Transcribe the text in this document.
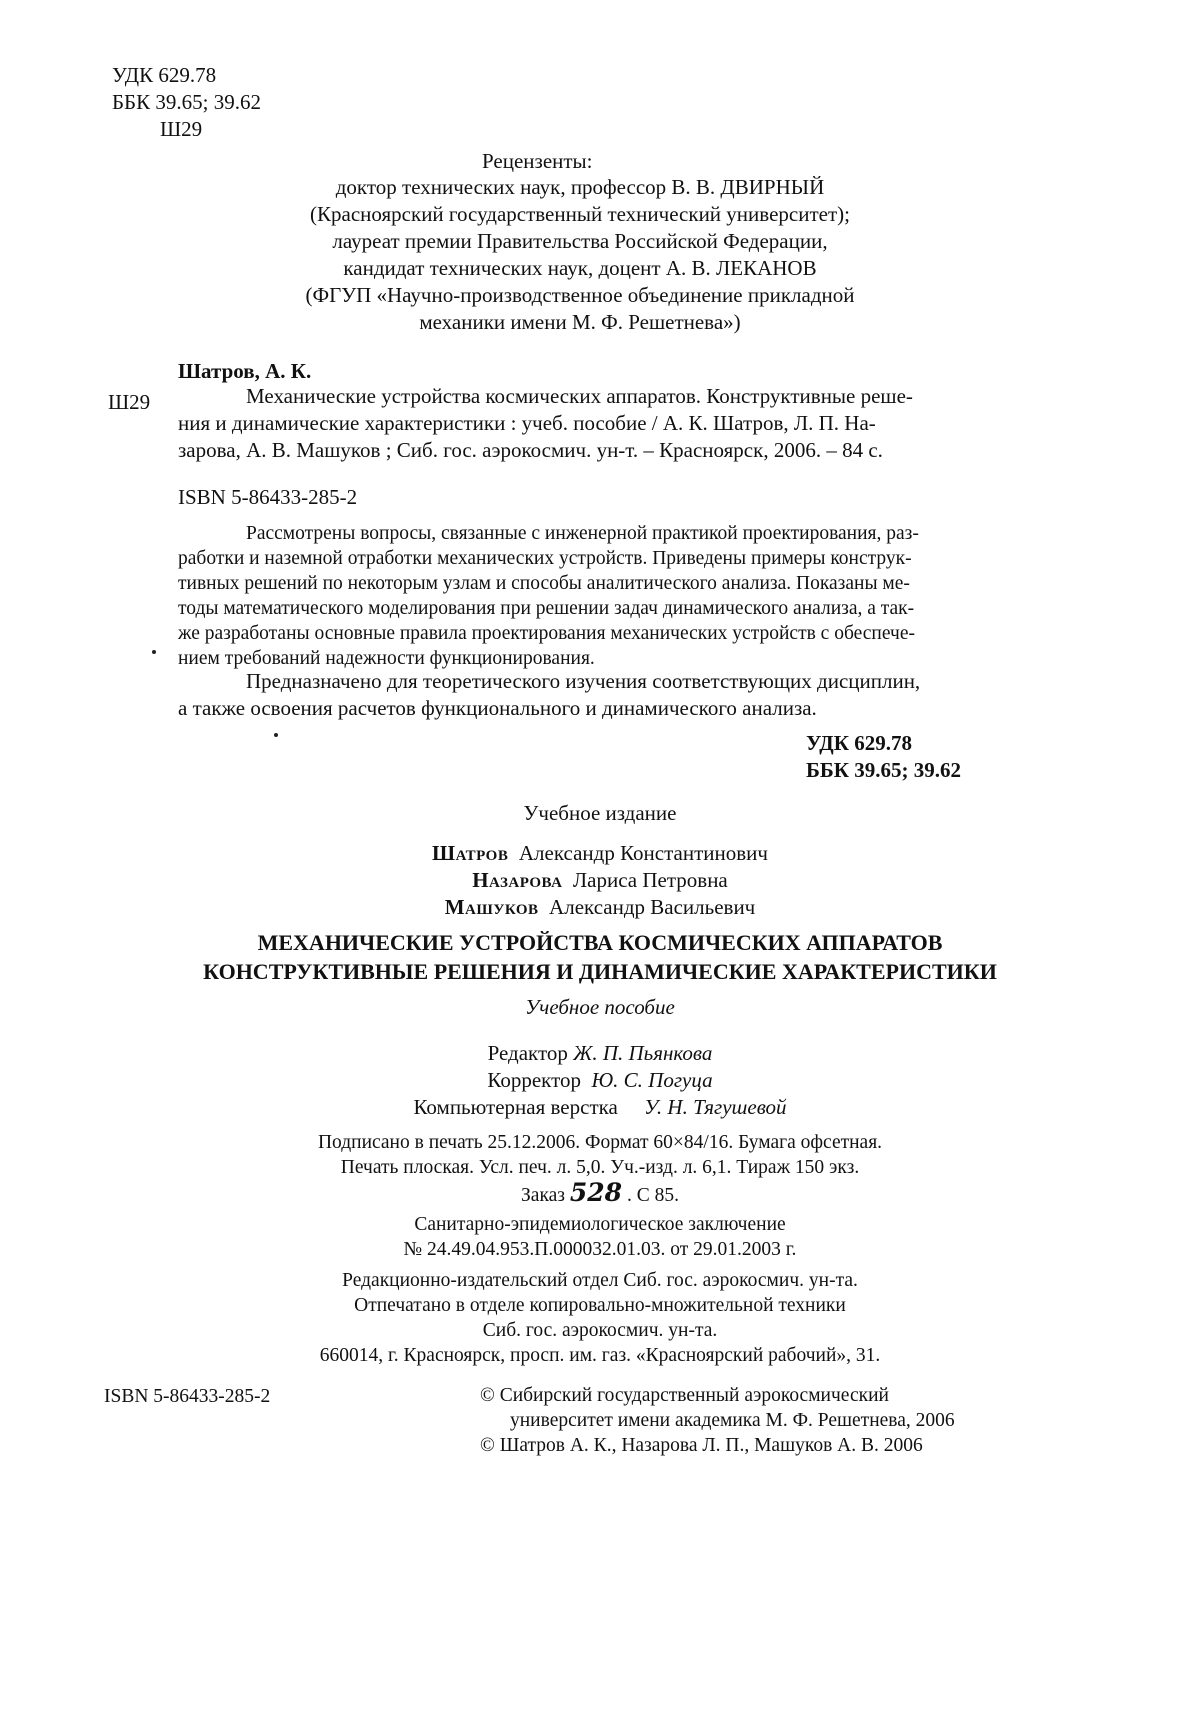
УДК 629.78
ББК 39.65; 39.62
Ш29
Рецензенты:
доктор технических наук, профессор В. В. ДВИРНЫЙ
(Красноярский государственный технический университет);
лауреат премии Правительства Российской Федерации,
кандидат технических наук, доцент А. В. ЛЕКАНОВ
(ФГУП «Научно-производственное объединение прикладной
механики имени М. Ф. Решетнева»)
Шатров, А. К.
Ш29	Механические устройства космических аппаратов. Конструктивные реше-
ния и динамические характеристики : учеб. пособие / А. К. Шатров, Л. П. На-
зарова, А. В. Машуков ; Сиб. гос. аэрокосмич. ун-т. – Красноярск, 2006. – 84 с.
ISBN 5-86433-285-2
Рассмотрены вопросы, связанные с инженерной практикой проектирования, раз-
работки и наземной отработки механических устройств. Приведены примеры конструк-
тивных решений по некоторым узлам и способы аналитического анализа. Показаны ме-
тоды математического моделирования при решении задач динамического анализа, а так-
же разработаны основные правила проектирования механических устройств с обеспече-
нием требований надежности функционирования.
Предназначено для теоретического изучения соответствующих дисциплин,
а также освоения расчетов функционального и динамического анализа.
УДК 629.78
ББК 39.65; 39.62
Учебное издание
Шатров Александр Константинович
Назарова Лариса Петровна
Машуков Александр Васильевич
МЕХАНИЧЕСКИЕ УСТРОЙСТВА КОСМИЧЕСКИХ АППАРАТОВ
КОНСТРУКТИВНЫЕ РЕШЕНИЯ И ДИНАМИЧЕСКИЕ ХАРАКТЕРИСТИКИ
Учебное пособие
Редактор Ж. П. Пьянкова
Корректор Ю. С. Погуца
Компьютерная верстка У. Н. Тягушевой
Подписано в печать 25.12.2006. Формат 60×84/16. Бумага офсетная.
Печать плоская. Усл. печ. л. 5,0. Уч.-изд. л. 6,1. Тираж 150 экз.
Заказ 528 . С 85.
Санитарно-эпидемиологическое заключение
№ 24.49.04.953.П.000032.01.03. от 29.01.2003 г.
Редакционно-издательский отдел Сиб. гос. аэрокосмич. ун-та.
Отпечатано в отделе копировально-множительной техники
Сиб. гос. аэрокосмич. ун-та.
660014, г. Красноярск, просп. им. газ. «Красноярский рабочий», 31.
ISBN 5-86433-285-2	© Сибирский государственный аэрокосмический
университет имени академика М. Ф. Решетнева, 2006
© Шатров А. К., Назарова Л. П., Машуков А. В. 2006
